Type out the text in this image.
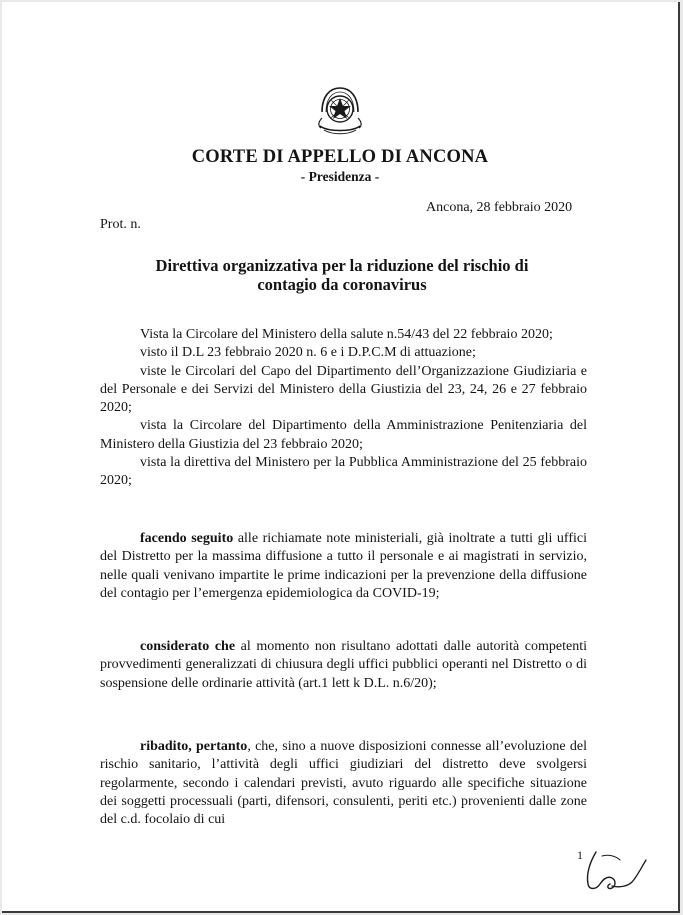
CORTE DI APPELLO DI ANCONA
- Presidenza -
Ancona, 28 febbraio 2020
Prot. n.
Direttiva organizzativa per la riduzione del rischio di
contagio da coronavirus

Vista la Circolare del Ministero della salute n.54/43 del 22 febbraio 2020;

visto il D.L 23 febbraio 2020 n. 6 e i D.P.C.M di attuazione;

viste le Circolari del Capo del Dipartimento dell’Organizzazione Giudiziaria e del Personale e dei Servizi del Ministero della Giustizia del 23, 24, 26 e 27 febbraio 2020;

vista la Circolare del Dipartimento della Amministrazione Penitenziaria del Ministero della Giustizia del 23 febbraio 2020;

vista la direttiva del Ministero per la Pubblica Amministrazione del 25 febbraio 2020;

facendo seguito alle richiamate note ministeriali, già inoltrate a tutti gli uffici del Distretto per la massima diffusione a tutto il personale e ai magistrati in servizio, nelle quali venivano impartite le prime indicazioni per la prevenzione della diffusione del contagio per l’emergenza epidemiologica da COVID-19;

considerato che al momento non risultano adottati dalle autorità competenti provvedimenti generalizzati di chiusura degli uffici pubblici operanti nel Distretto o di sospensione delle ordinarie attività (art.1 lett k D.L. n.6/20);

ribadito, pertanto, che, sino a nuove disposizioni connesse all’evoluzione del rischio sanitario, l’attività degli uffici giudiziari del distretto deve svolgersi regolarmente, secondo i calendari previsti, avuto riguardo alle specifiche situazione dei soggetti processuali (parti, difensori, consulenti, periti etc.) provenienti dalle zone del c.d. focolaio di cui

1
